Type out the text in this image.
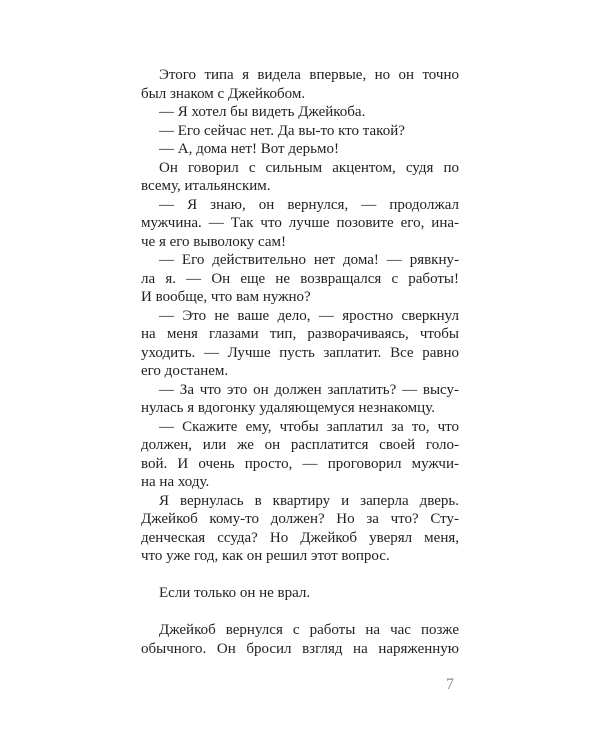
Этого типа я видела впервые, но он точно
был знаком с Джейкобом.
— Я хотел бы видеть Джейкоба.
— Его сейчас нет. Да вы-то кто такой?
— А, дома нет! Вот дерьмо!
Он говорил с сильным акцентом, судя по
всему, итальянским.
— Я знаю, он вернулся, — продолжал
мужчина. — Так что лучше позовите его, ина-
че я его выволоку сам!
— Его действительно нет дома! — рявкну-
ла я. — Он еще не возвращался с работы!
И вообще, что вам нужно?
— Это не ваше дело, — яростно сверкнул
на меня глазами тип, разворачиваясь, чтобы
уходить. — Лучше пусть заплатит. Все равно
его достанем.
— За что это он должен заплатить? — высу-
нулась я вдогонку удаляющемуся незнакомцу.
— Скажите ему, чтобы заплатил за то, что
должен, или же он расплатится своей голо-
вой. И очень просто, — проговорил мужчи-
на на ходу.
Я вернулась в квартиру и заперла дверь.
Джейкоб кому-то должен? Но за что? Сту-
денческая ссуда? Но Джейкоб уверял меня,
что уже год, как он решил этот вопрос.
Если только он не врал.
Джейкоб вернулся с работы на час позже
обычного. Он бросил взгляд на наряженную
7
